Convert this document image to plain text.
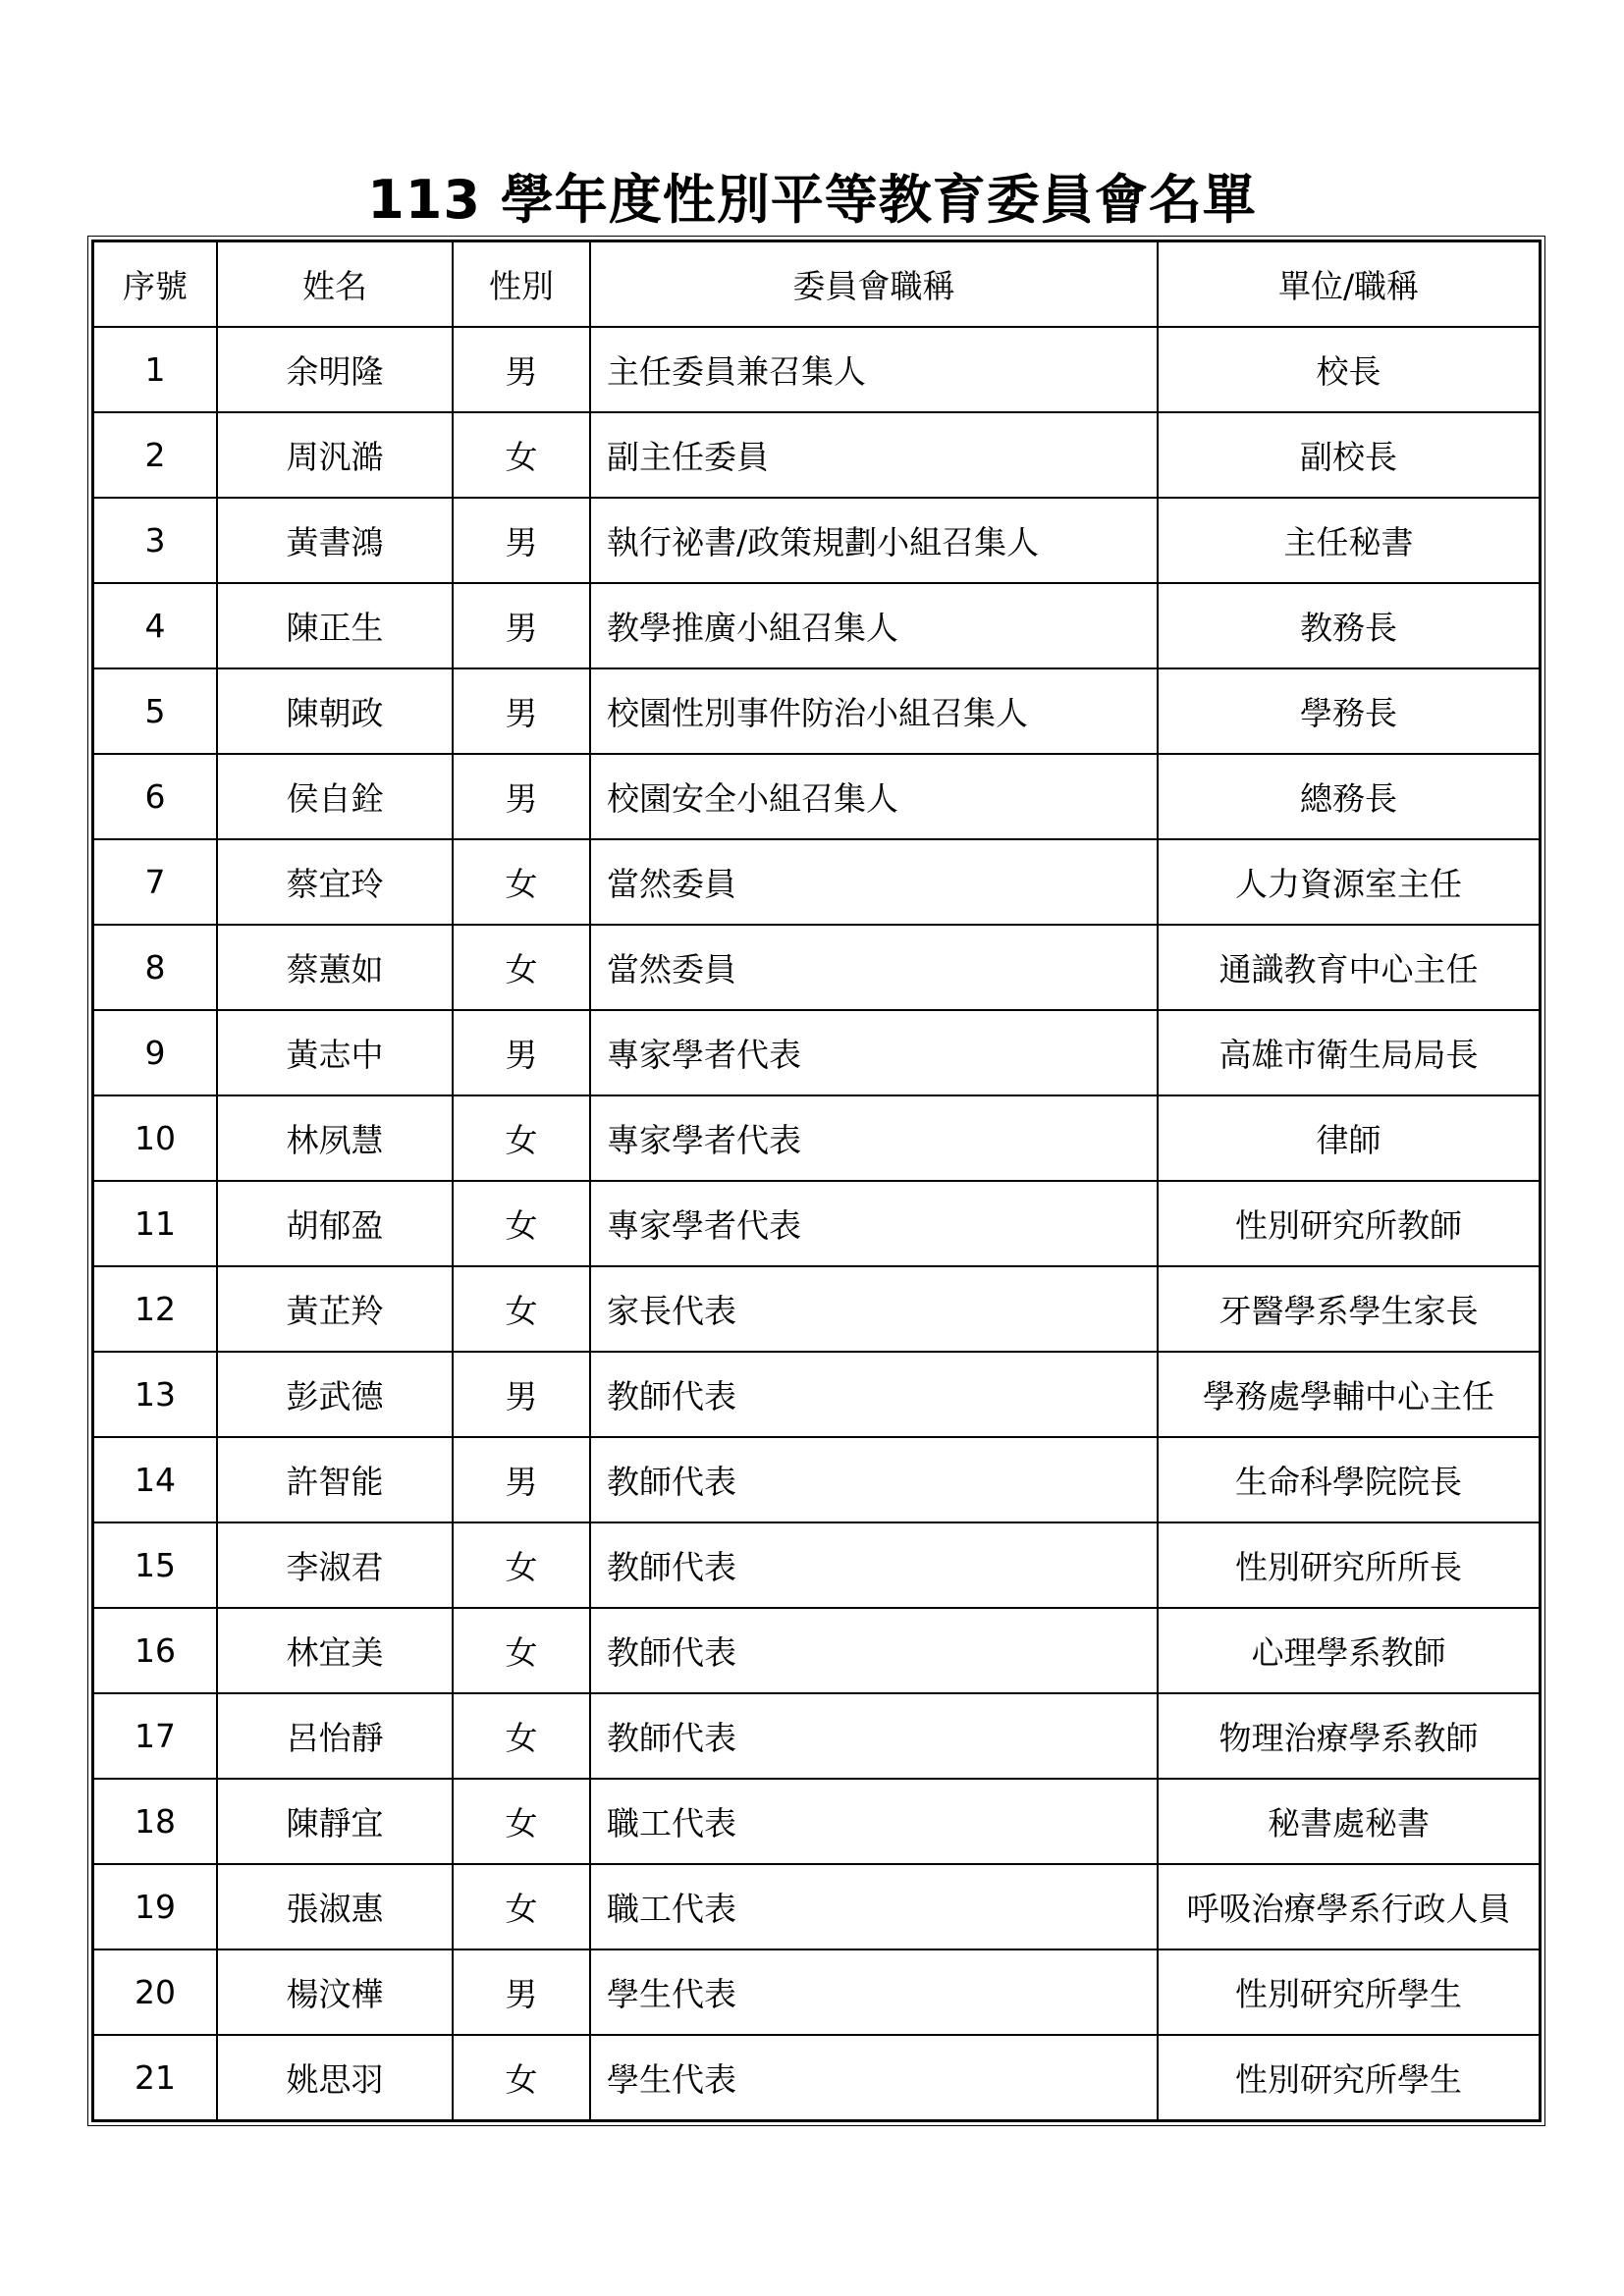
113 學年度性別平等教育委員會名單
序號	姓名	性別	委員會職稱	單位/職稱
1	余明隆	男	主任委員兼召集人	校長
2	周汎澔	女	副主任委員	副校長
3	黃書鴻	男	執行祕書/政策規劃小組召集人	主任秘書
4	陳正生	男	教學推廣小組召集人	教務長
5	陳朝政	男	校園性別事件防治小組召集人	學務長
6	侯自銓	男	校園安全小組召集人	總務長
7	蔡宜玲	女	當然委員	人力資源室主任
8	蔡蕙如	女	當然委員	通識教育中心主任
9	黃志中	男	專家學者代表	高雄市衛生局局長
10	林夙慧	女	專家學者代表	律師
11	胡郁盈	女	專家學者代表	性別研究所教師
12	黃芷羚	女	家長代表	牙醫學系學生家長
13	彭武德	男	教師代表	學務處學輔中心主任
14	許智能	男	教師代表	生命科學院院長
15	李淑君	女	教師代表	性別研究所所長
16	林宜美	女	教師代表	心理學系教師
17	呂怡靜	女	教師代表	物理治療學系教師
18	陳靜宜	女	職工代表	秘書處秘書
19	張淑惠	女	職工代表	呼吸治療學系行政人員
20	楊汶樺	男	學生代表	性別研究所學生
21	姚思羽	女	學生代表	性別研究所學生
